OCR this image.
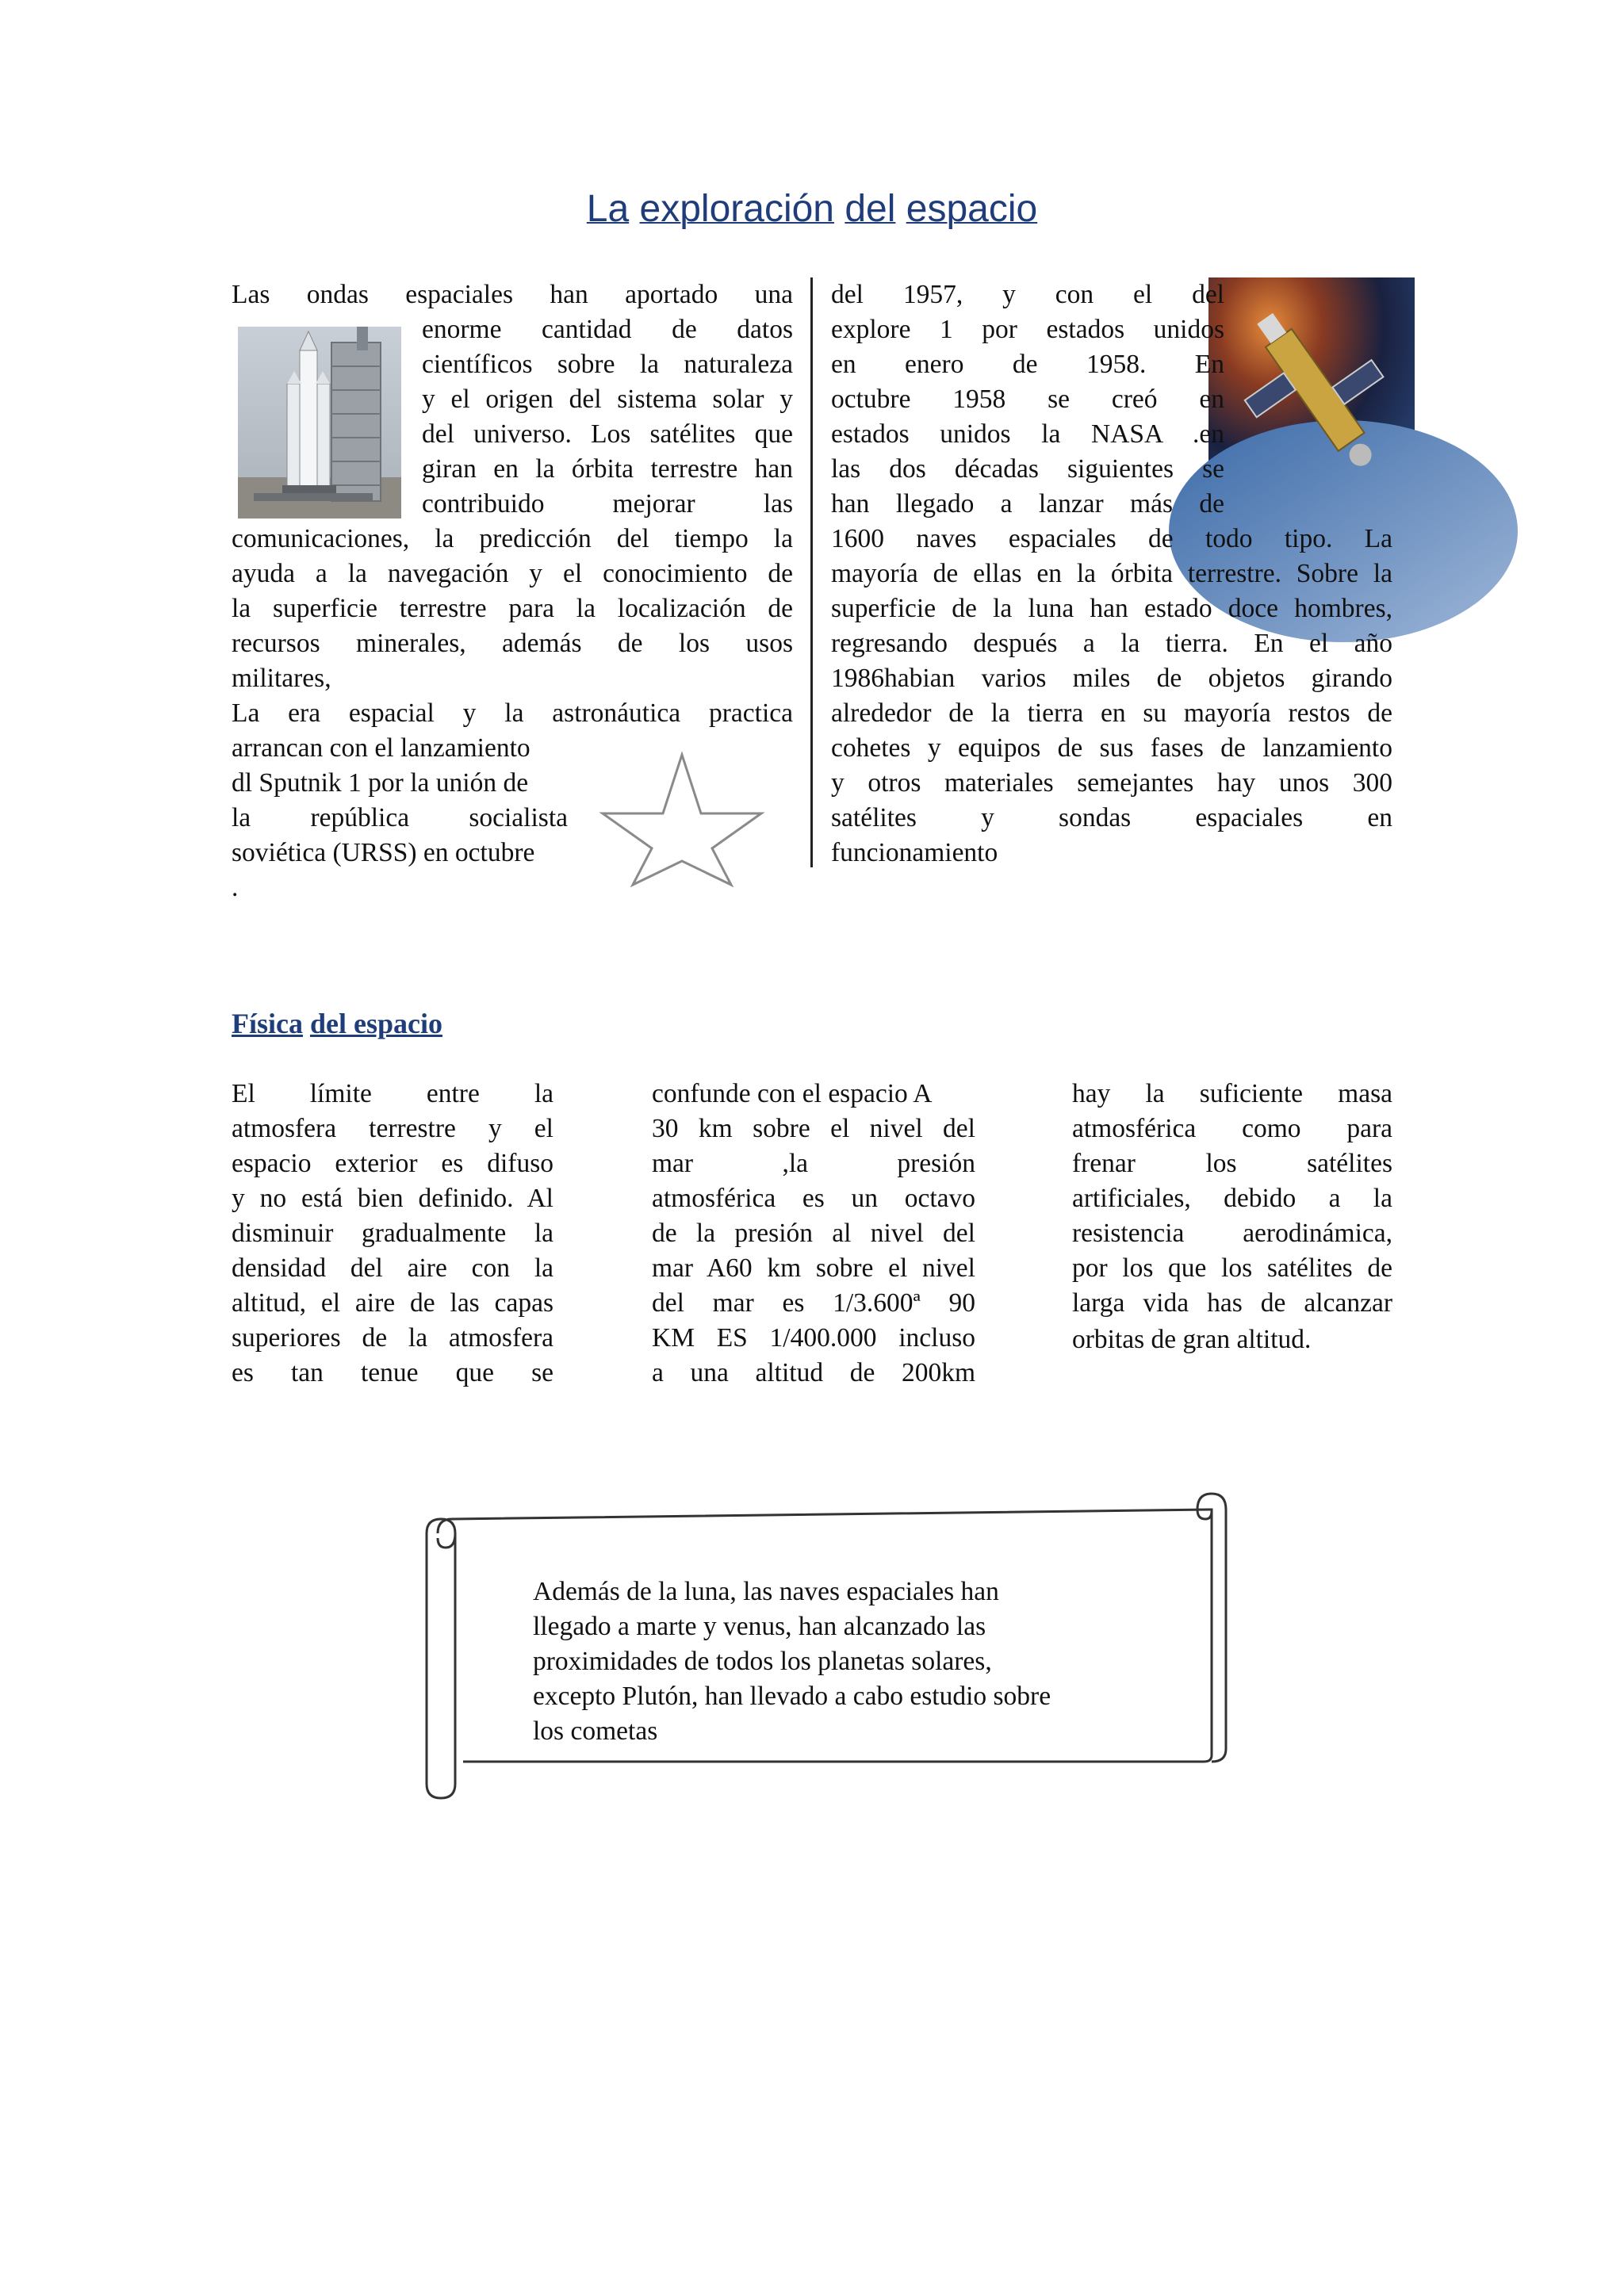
La exploración del espacio
Las ondas espaciales han aportado una
enorme cantidad de datos
científicos sobre la naturaleza
y el origen del sistema solar y
del universo. Los satélites que
giran en la órbita terrestre han
contribuido mejorar las
comunicaciones, la predicción del tiempo la
ayuda a la navegación y el conocimiento de
la superficie terrestre para la localización de
recursos minerales, además de los usos
militares,
La era espacial y la astronáutica practica
arrancan con el lanzamiento
dl Sputnik 1 por la unión de
la república socialista
soviética (URSS) en octubre
.
del 1957, y con el del
explore 1 por estados unidos
en enero de 1958. En
octubre 1958 se creó en
estados unidos la NASA .en
las dos décadas siguientes se
han llegado a lanzar más de
1600 naves espaciales de todo tipo. La
mayoría de ellas en la órbita terrestre. Sobre la
superficie de la luna han estado doce hombres,
regresando después a la tierra. En el año
1986habian varios miles de objetos girando
alrededor de la tierra en su mayoría restos de
cohetes y equipos de sus fases de lanzamiento
y otros materiales semejantes hay unos 300
satélites y sondas espaciales en
funcionamiento
Física del espacio
El límite entre la
atmosfera terrestre y el
espacio exterior es difuso
y no está bien definido. Al
disminuir gradualmente la
densidad del aire con la
altitud, el aire de las capas
superiores de la atmosfera
es tan tenue que se
confunde con el espacio A
30 km sobre el nivel del
mar ,la presión
atmosférica es un octavo
de la presión al nivel del
mar A60 km sobre el nivel
del mar es 1/3.600ª 90
KM ES 1/400.000 incluso
a una altitud de 200km
hay la suficiente masa
atmosférica como para
frenar los satélites
artificiales, debido a la
resistencia aerodinámica,
por los que los satélites de
larga vida has de alcanzar
orbitas de gran altitud.
Además de la luna, las naves espaciales han
llegado a marte y venus, han alcanzado las
proximidades de todos los planetas solares,
excepto Plutón, han llevado a cabo estudio sobre
los cometas
